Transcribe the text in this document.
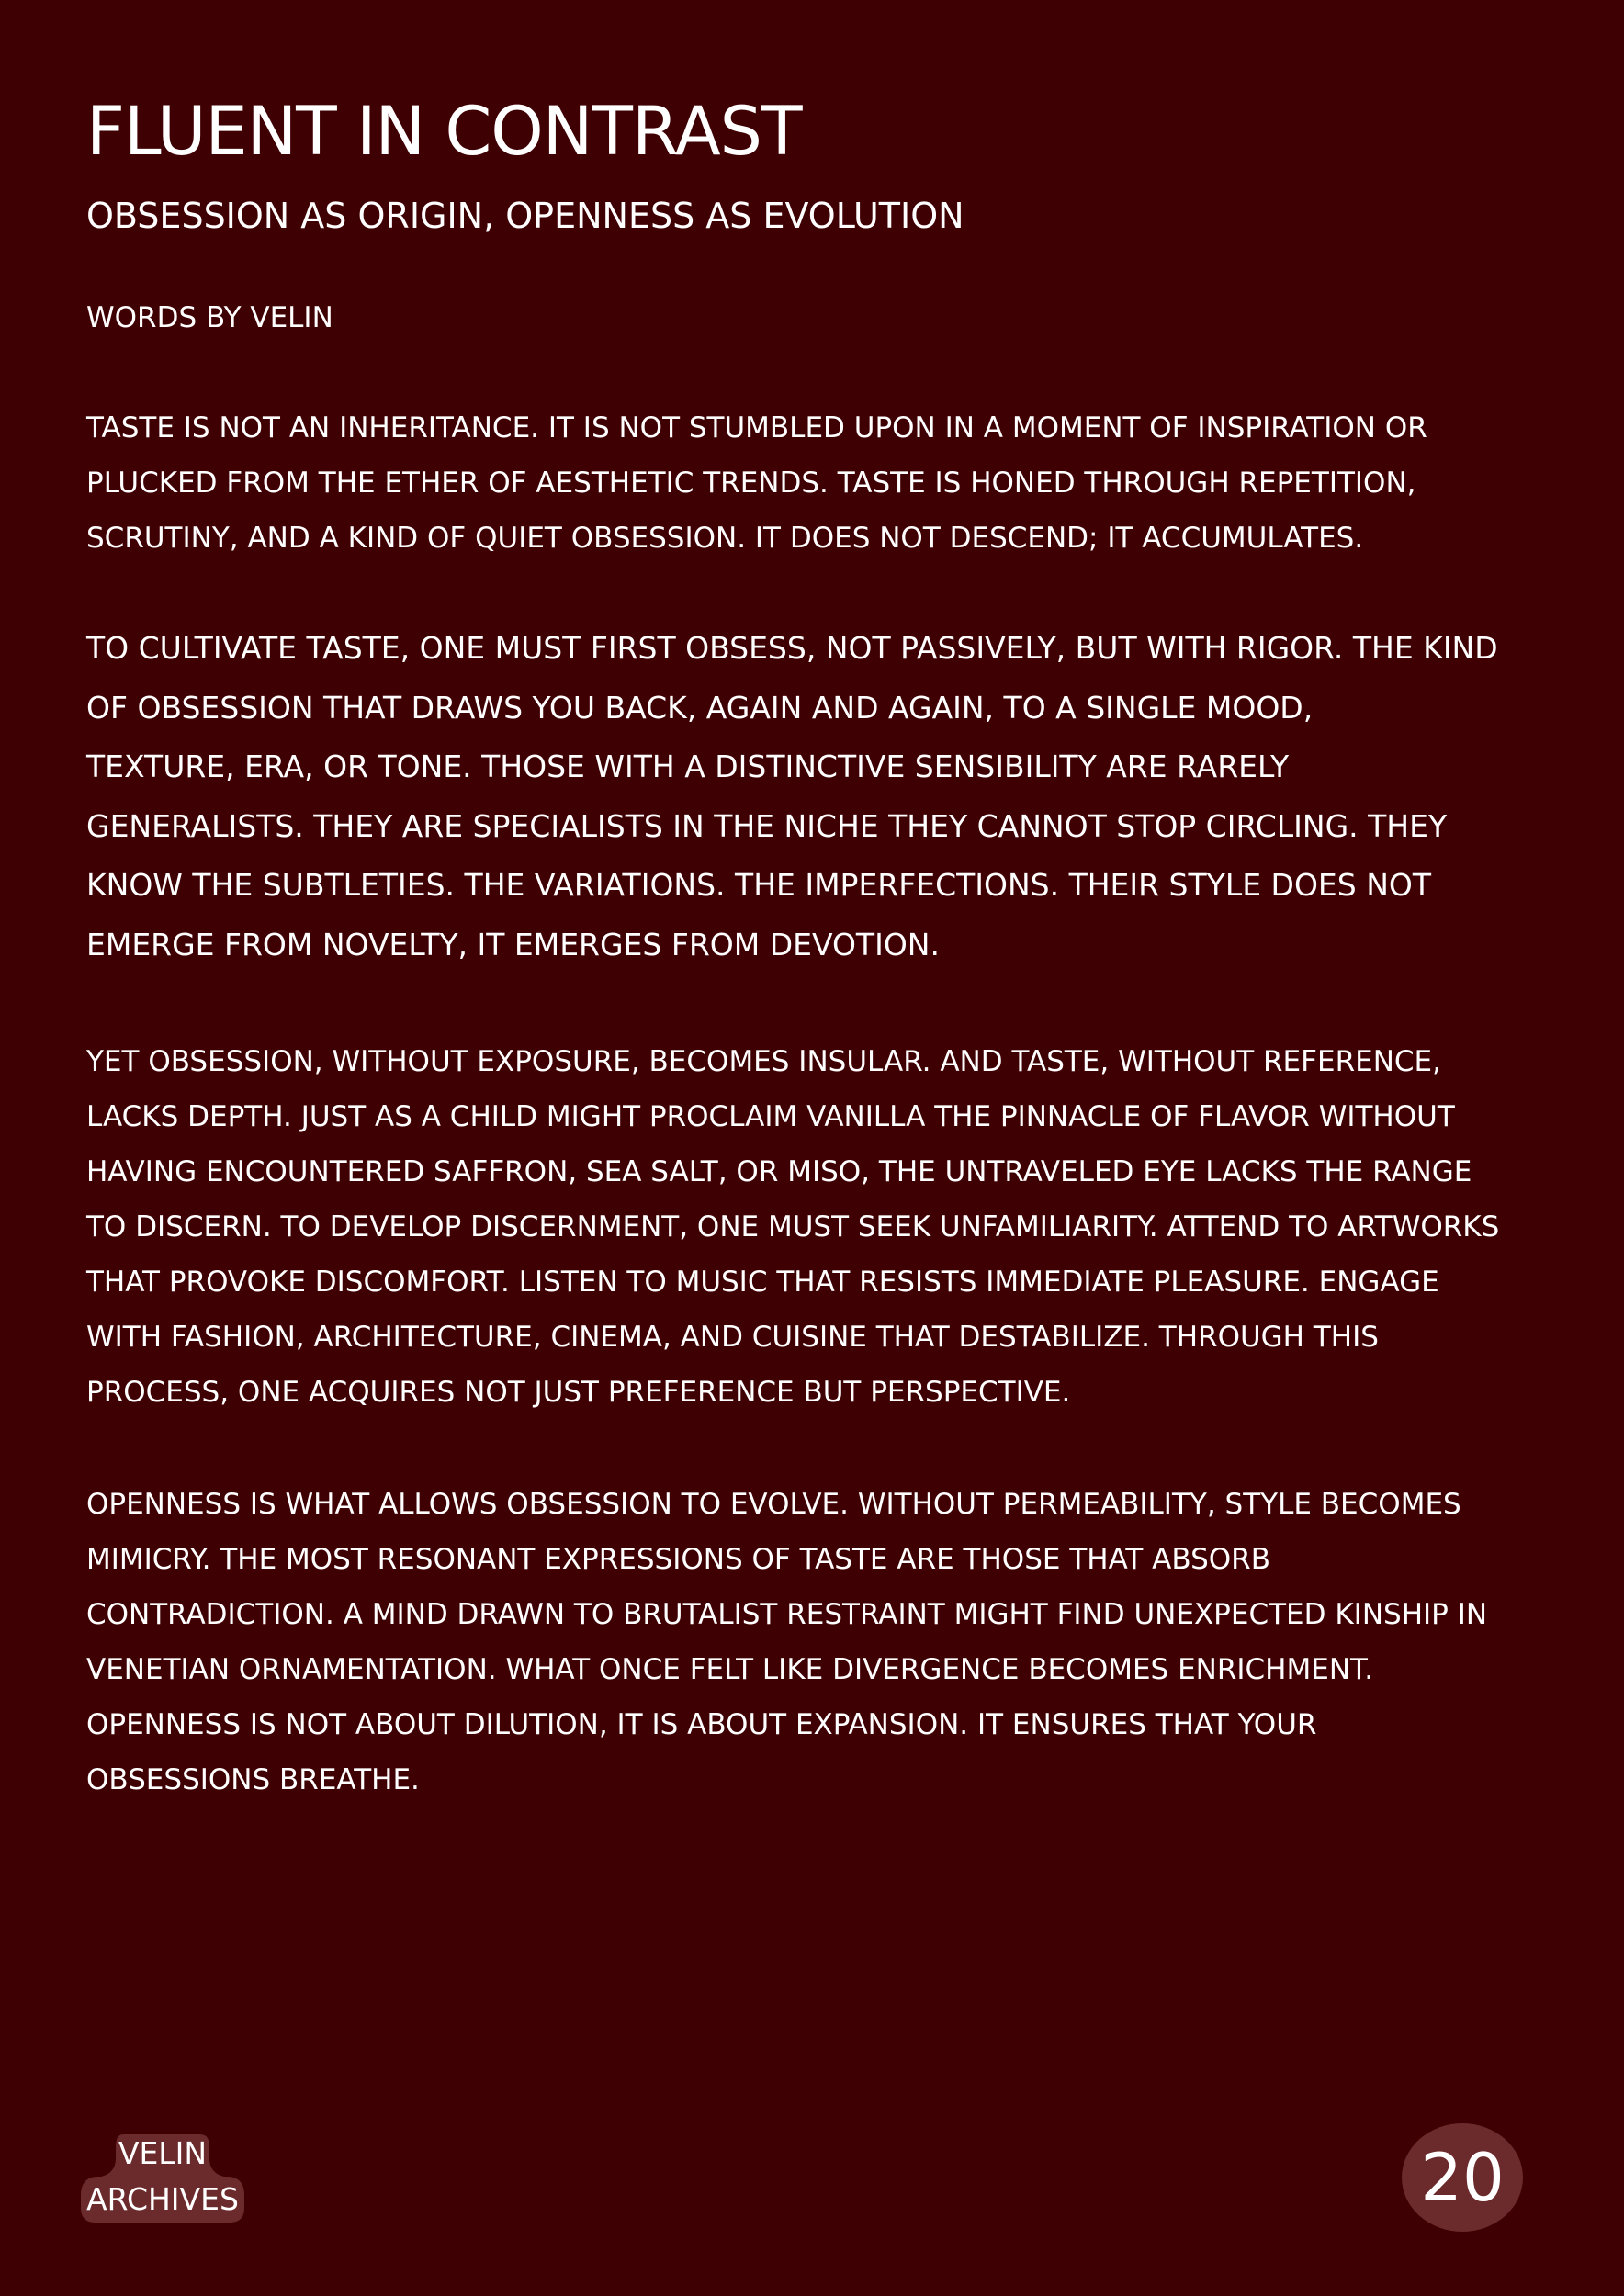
FLUENT IN CONTRAST
OBSESSION AS ORIGIN, OPENNESS AS EVOLUTION

WORDS BY VELIN

TASTE IS NOT AN INHERITANCE. IT IS NOT STUMBLED UPON IN A MOMENT OF INSPIRATION OR
PLUCKED FROM THE ETHER OF AESTHETIC TRENDS. TASTE IS HONED THROUGH REPETITION,
SCRUTINY, AND A KIND OF QUIET OBSESSION. IT DOES NOT DESCEND; IT ACCUMULATES.

TO CULTIVATE TASTE, ONE MUST FIRST OBSESS, NOT PASSIVELY, BUT WITH RIGOR. THE KIND
OF OBSESSION THAT DRAWS YOU BACK, AGAIN AND AGAIN, TO A SINGLE MOOD,
TEXTURE, ERA, OR TONE. THOSE WITH A DISTINCTIVE SENSIBILITY ARE RARELY
GENERALISTS. THEY ARE SPECIALISTS IN THE NICHE THEY CANNOT STOP CIRCLING. THEY
KNOW THE SUBTLETIES. THE VARIATIONS. THE IMPERFECTIONS. THEIR STYLE DOES NOT
EMERGE FROM NOVELTY, IT EMERGES FROM DEVOTION.

YET OBSESSION, WITHOUT EXPOSURE, BECOMES INSULAR. AND TASTE, WITHOUT REFERENCE,
LACKS DEPTH. JUST AS A CHILD MIGHT PROCLAIM VANILLA THE PINNACLE OF FLAVOR WITHOUT
HAVING ENCOUNTERED SAFFRON, SEA SALT, OR MISO, THE UNTRAVELED EYE LACKS THE RANGE
TO DISCERN. TO DEVELOP DISCERNMENT, ONE MUST SEEK UNFAMILIARITY. ATTEND TO ARTWORKS
THAT PROVOKE DISCOMFORT. LISTEN TO MUSIC THAT RESISTS IMMEDIATE PLEASURE. ENGAGE
WITH FASHION, ARCHITECTURE, CINEMA, AND CUISINE THAT DESTABILIZE. THROUGH THIS
PROCESS, ONE ACQUIRES NOT JUST PREFERENCE BUT PERSPECTIVE.

OPENNESS IS WHAT ALLOWS OBSESSION TO EVOLVE. WITHOUT PERMEABILITY, STYLE BECOMES
MIMICRY. THE MOST RESONANT EXPRESSIONS OF TASTE ARE THOSE THAT ABSORB
CONTRADICTION. A MIND DRAWN TO BRUTALIST RESTRAINT MIGHT FIND UNEXPECTED KINSHIP IN
VENETIAN ORNAMENTATION. WHAT ONCE FELT LIKE DIVERGENCE BECOMES ENRICHMENT.
OPENNESS IS NOT ABOUT DILUTION, IT IS ABOUT EXPANSION. IT ENSURES THAT YOUR
OBSESSIONS BREATHE.

VELIN
ARCHIVES	20
